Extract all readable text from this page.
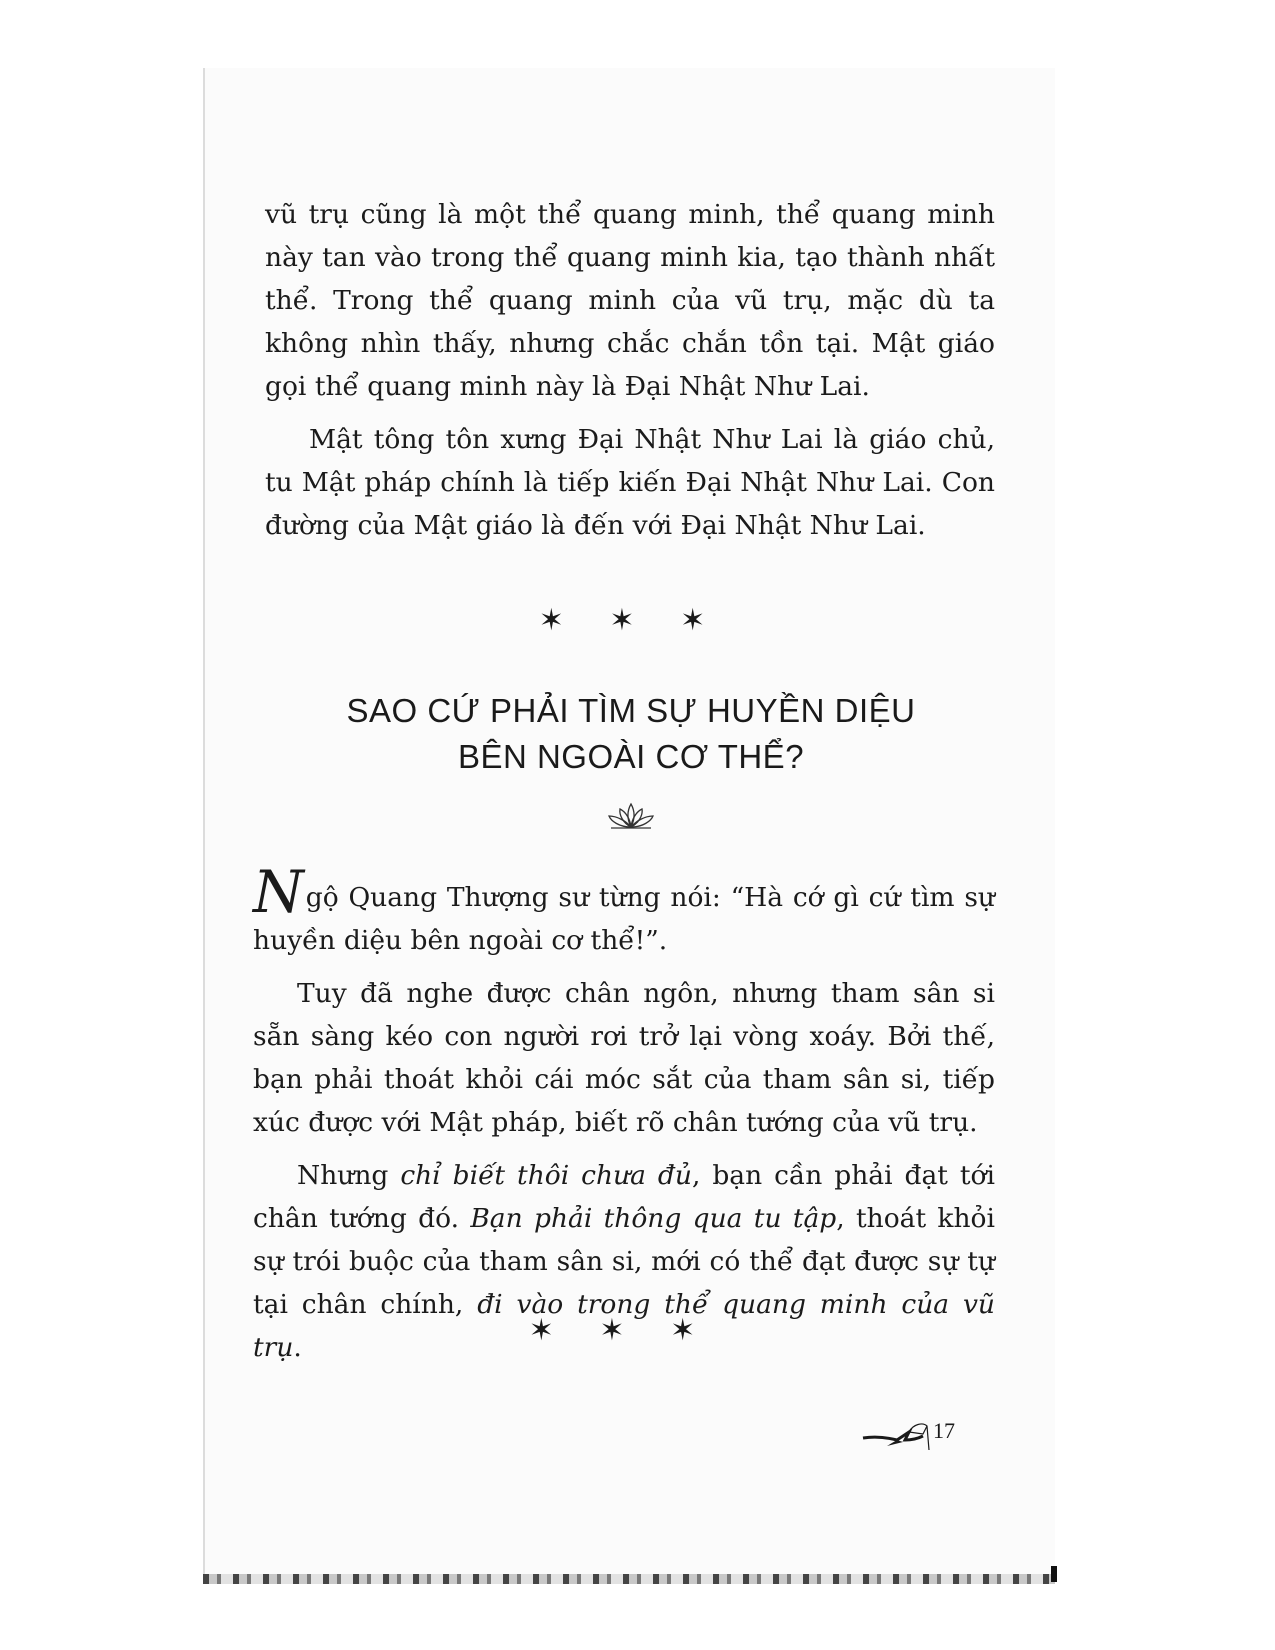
vũ trụ cũng là một thể quang minh, thể quang minh này tan vào trong thể quang minh kia, tạo thành nhất thể. Trong thể quang minh của vũ trụ, mặc dù ta không nhìn thấy, nhưng chắc chắn tồn tại. Mật giáo gọi thể quang minh này là Đại Nhật Như Lai.

Mật tông tôn xưng Đại Nhật Như Lai là giáo chủ, tu Mật pháp chính là tiếp kiến Đại Nhật Như Lai. Con đường của Mật giáo là đến với Đại Nhật Như Lai.

✶ ✶ ✶
SAO CỨ PHẢI TÌM SỰ HUYỀN DIỆU
BÊN NGOÀI CƠ THỂ?

Ngộ Quang Thượng sư từng nói: “Hà cớ gì cứ tìm sự huyền diệu bên ngoài cơ thể!”.

Tuy đã nghe được chân ngôn, nhưng tham sân si sẵn sàng kéo con người rơi trở lại vòng xoáy. Bởi thế, bạn phải thoát khỏi cái móc sắt của tham sân si, tiếp xúc được với Mật pháp, biết rõ chân tướng của vũ trụ.

Nhưng chỉ biết thôi chưa đủ, bạn cần phải đạt tới chân tướng đó. Bạn phải thông qua tu tập, thoát khỏi sự trói buộc của tham sân si, mới có thể đạt được sự tự tại chân chính, đi vào trong thể quang minh của vũ trụ.	✶ ✶ ✶
17
